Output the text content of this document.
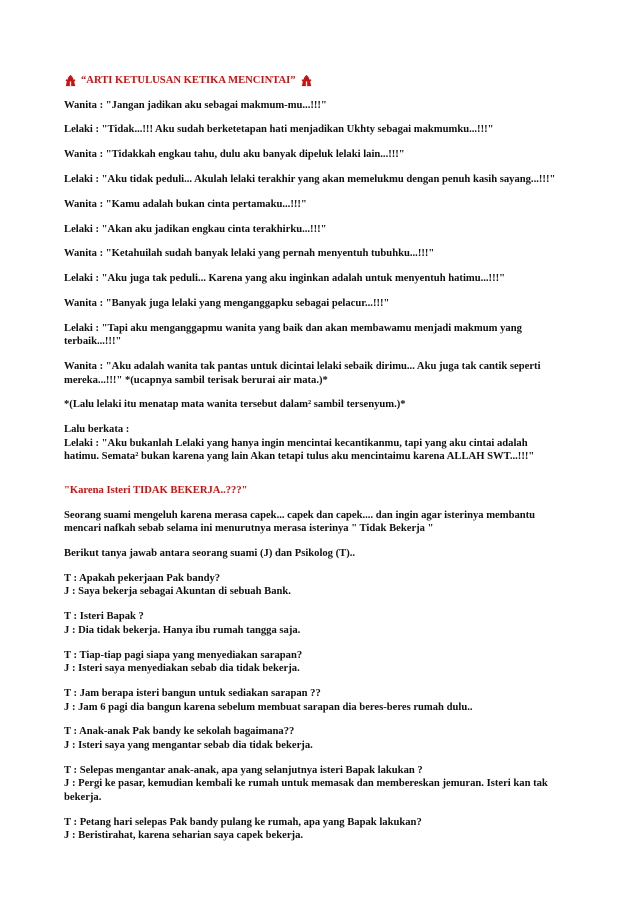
“ARTI KETULUSAN KETIKA MENCINTAI”

Wanita : "Jangan jadikan aku sebagai makmum-mu...!!!"

Lelaki : "Tidak...!!! Aku sudah berketetapan hati menjadikan Ukhty sebagai makmumku...!!!"

Wanita : "Tidakkah engkau tahu, dulu aku banyak dipeluk lelaki lain...!!!"

Lelaki : "Aku tidak peduli... Akulah lelaki terakhir yang akan memelukmu dengan penuh kasih sayang...!!!"

Wanita : "Kamu adalah bukan cinta pertamaku...!!!"

Lelaki : "Akan aku jadikan engkau cinta terakhirku...!!!"

Wanita : "Ketahuilah sudah banyak lelaki yang pernah menyentuh tubuhku...!!!"

Lelaki : "Aku juga tak peduli... Karena yang aku inginkan adalah untuk menyentuh hatimu...!!!"

Wanita : "Banyak juga lelaki yang menganggapku sebagai pelacur...!!!"

Lelaki : "Tapi aku menganggapmu wanita yang baik dan akan membawamu menjadi makmum yang
terbaik...!!!"

Wanita : "Aku adalah wanita tak pantas untuk dicintai lelaki sebaik dirimu... Aku juga tak cantik seperti
mereka...!!!" *(ucapnya sambil terisak berurai air mata.)*

*(Lalu lelaki itu menatap mata wanita tersebut dalam² sambil tersenyum.)*

Lalu berkata :
Lelaki : "Aku bukanlah Lelaki yang hanya ingin mencintai kecantikanmu, tapi yang aku cintai adalah
hatimu. Semata² bukan karena yang lain Akan tetapi tulus aku mencintaimu karena ALLAH SWT...!!!"

"Karena Isteri TIDAK BEKERJA..???"

Seorang suami mengeluh karena merasa capek... capek dan capek.... dan ingin agar isterinya membantu
mencari nafkah sebab selama ini menurutnya merasa isterinya " Tidak Bekerja "

Berikut tanya jawab antara seorang suami (J) dan Psikolog (T)..

T : Apakah pekerjaan Pak bandy?
J : Saya bekerja sebagai Akuntan di sebuah Bank.

T : Isteri Bapak ?
J : Dia tidak bekerja. Hanya ibu rumah tangga saja.

T : Tiap-tiap pagi siapa yang menyediakan sarapan?
J : Isteri saya menyediakan sebab dia tidak bekerja.

T : Jam berapa isteri bangun untuk sediakan sarapan ??
J : Jam 6 pagi dia bangun karena sebelum membuat sarapan dia beres-beres rumah dulu..

T : Anak-anak Pak bandy ke sekolah bagaimana??
J : Isteri saya yang mengantar sebab dia tidak bekerja.

T : Selepas mengantar anak-anak, apa yang selanjutnya isteri Bapak lakukan ?
J : Pergi ke pasar, kemudian kembali ke rumah untuk memasak dan membereskan jemuran. Isteri kan tak
bekerja.

T : Petang hari selepas Pak bandy pulang ke rumah, apa yang Bapak lakukan?
J : Beristirahat, karena seharian saya capek bekerja.
